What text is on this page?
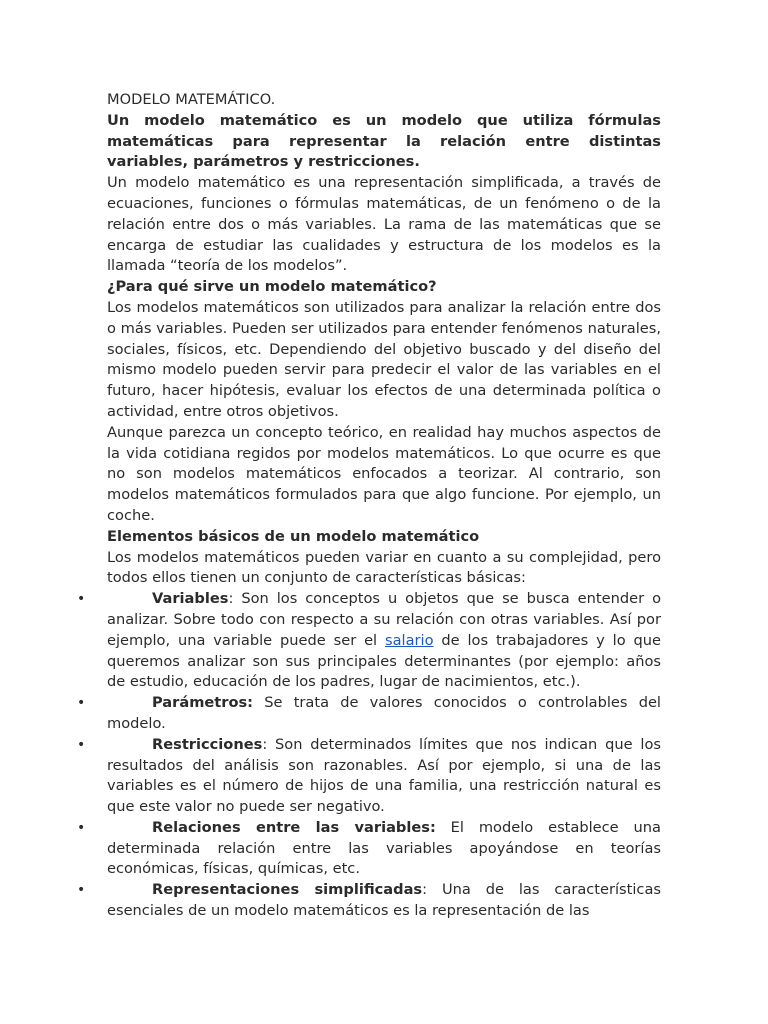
MODELO MATEMÁTICO.

Un modelo matemático es un modelo que utiliza fórmulas matemáticas para representar la relación entre distintas variables, parámetros y restricciones.

Un modelo matemático es una representación simplificada, a través de ecuaciones, funciones o fórmulas matemáticas, de un fenómeno o de la relación entre dos o más variables. La rama de las matemáticas que se encarga de estudiar las cualidades y estructura de los modelos es la llamada “teoría de los modelos”.

¿Para qué sirve un modelo matemático?

Los modelos matemáticos son utilizados para analizar la relación entre dos o más variables. Pueden ser utilizados para entender fenómenos naturales, sociales, físicos, etc. Dependiendo del objetivo buscado y del diseño del mismo modelo pueden servir para predecir el valor de las variables en el futuro, hacer hipótesis, evaluar los efectos de una determinada política o actividad, entre otros objetivos.

Aunque parezca un concepto teórico, en realidad hay muchos aspectos de la vida cotidiana regidos por modelos matemáticos. Lo que ocurre es que no son modelos matemáticos enfocados a teorizar. Al contrario, son modelos matemáticos formulados para que algo funcione. Por ejemplo, un coche.

Elementos básicos de un modelo matemático

Los modelos matemáticos pueden variar en cuanto a su complejidad, pero todos ellos tienen un conjunto de características básicas:

•	Variables: Son los conceptos u objetos que se busca entender o analizar. Sobre todo con respecto a su relación con otras variables. Así por ejemplo, una variable puede ser el salario de los trabajadores y lo que queremos analizar son sus principales determinantes (por ejemplo: años de estudio, educación de los padres, lugar de nacimientos, etc.).

•	Parámetros: Se trata de valores conocidos o controlables del modelo.

•	Restricciones: Son determinados límites que nos indican que los resultados del análisis son razonables. Así por ejemplo, si una de las variables es el número de hijos de una familia, una restricción natural es que este valor no puede ser negativo.

•	Relaciones entre las variables: El modelo establece una determinada relación entre las variables apoyándose en teorías económicas, físicas, químicas, etc.

•	Representaciones simplificadas: Una de las características esenciales de un modelo matemáticos es la representación de las
